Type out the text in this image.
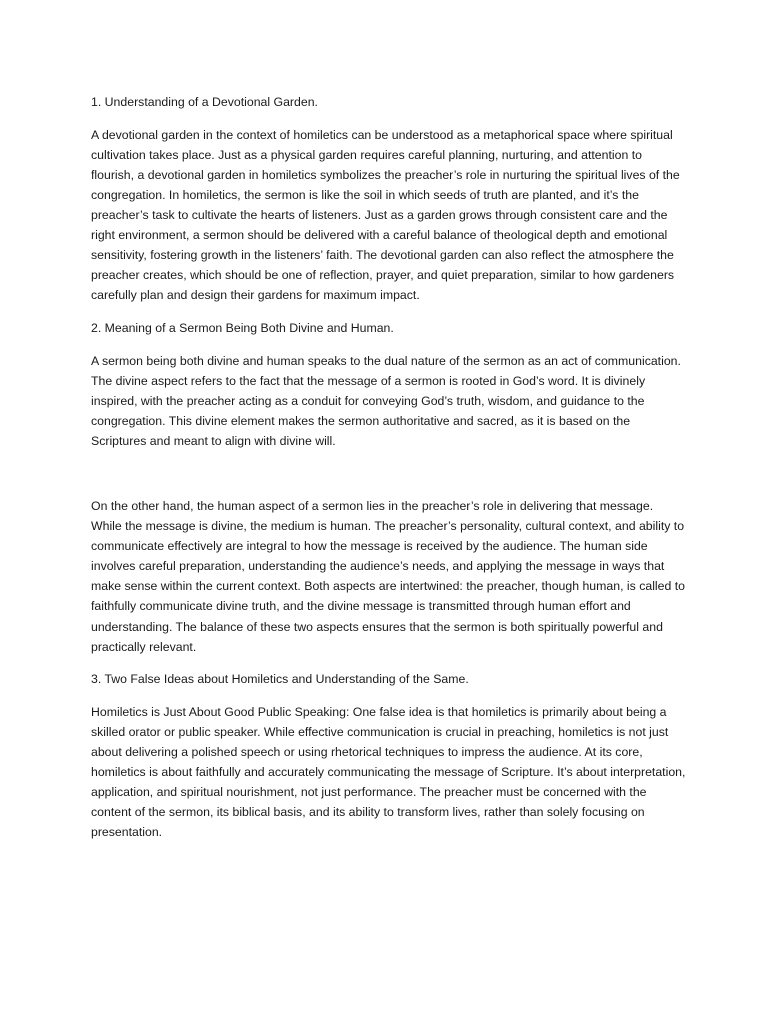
1. Understanding of a Devotional Garden.

A devotional garden in the context of homiletics can be understood as a metaphorical space where spiritual cultivation takes place. Just as a physical garden requires careful planning, nurturing, and attention to flourish, a devotional garden in homiletics symbolizes the preacher’s role in nurturing the spiritual lives of the congregation. In homiletics, the sermon is like the soil in which seeds of truth are planted, and it’s the preacher’s task to cultivate the hearts of listeners. Just as a garden grows through consistent care and the right environment, a sermon should be delivered with a careful balance of theological depth and emotional sensitivity, fostering growth in the listeners’ faith. The devotional garden can also reflect the atmosphere the preacher creates, which should be one of reflection, prayer, and quiet preparation, similar to how gardeners carefully plan and design their gardens for maximum impact.

2. Meaning of a Sermon Being Both Divine and Human.

A sermon being both divine and human speaks to the dual nature of the sermon as an act of communication. The divine aspect refers to the fact that the message of a sermon is rooted in God’s word. It is divinely inspired, with the preacher acting as a conduit for conveying God’s truth, wisdom, and guidance to the congregation. This divine element makes the sermon authoritative and sacred, as it is based on the Scriptures and meant to align with divine will.

On the other hand, the human aspect of a sermon lies in the preacher’s role in delivering that message. While the message is divine, the medium is human. The preacher’s personality, cultural context, and ability to communicate effectively are integral to how the message is received by the audience. The human side involves careful preparation, understanding the audience’s needs, and applying the message in ways that make sense within the current context. Both aspects are intertwined: the preacher, though human, is called to faithfully communicate divine truth, and the divine message is transmitted through human effort and understanding. The balance of these two aspects ensures that the sermon is both spiritually powerful and practically relevant.

3. Two False Ideas about Homiletics and Understanding of the Same.

Homiletics is Just About Good Public Speaking: One false idea is that homiletics is primarily about being a skilled orator or public speaker. While effective communication is crucial in preaching, homiletics is not just about delivering a polished speech or using rhetorical techniques to impress the audience. At its core, homiletics is about faithfully and accurately communicating the message of Scripture. It’s about interpretation, application, and spiritual nourishment, not just performance. The preacher must be concerned with the content of the sermon, its biblical basis, and its ability to transform lives, rather than solely focusing on presentation.
